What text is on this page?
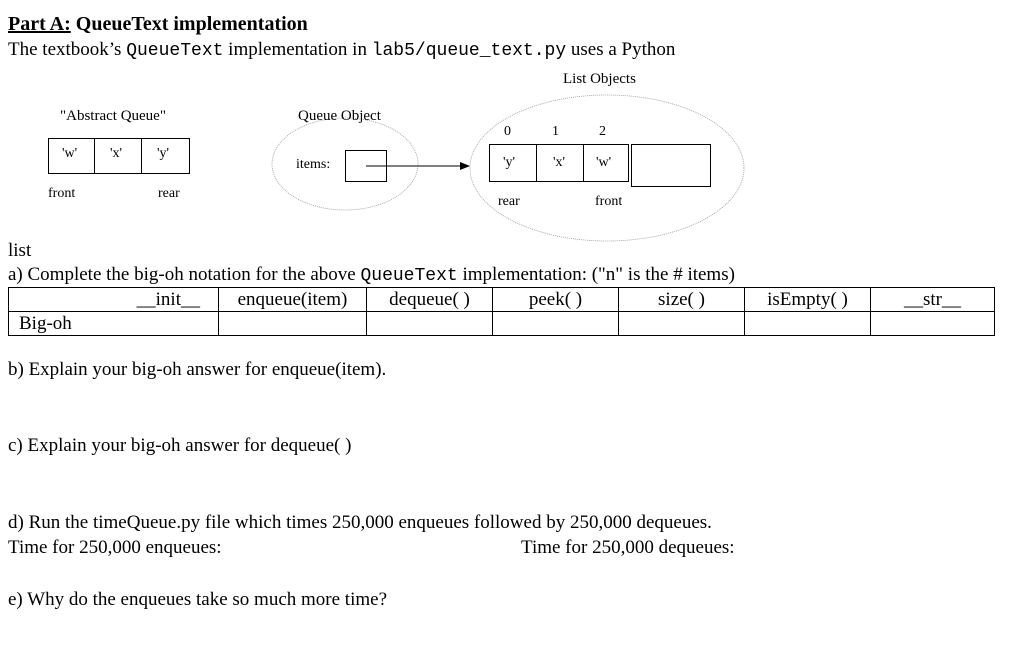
Part A: QueueText implementation
The textbook’s QueueText implementation in lab5/queue_text.py uses a Python
List Objects
"Abstract Queue"
'w' 'x' 'y'
front	rear
Queue Object
items:
0	1	2
'y'	'x' 'w'
rear	front
list
a) Complete the big-oh notation for the above QueueText implementation: ("n" is the # items)
__init__	enqueue(item)	dequeue( )	peek( )	size( )	isEmpty( )	__str__
Big-oh						
b) Explain your big-oh answer for enqueue(item).
c) Explain your big-oh answer for dequeue( )
d) Run the timeQueue.py file which times 250,000 enqueues followed by 250,000 dequeues.
Time for 250,000 enqueues:	Time for 250,000 dequeues:
e) Why do the enqueues take so much more time?
